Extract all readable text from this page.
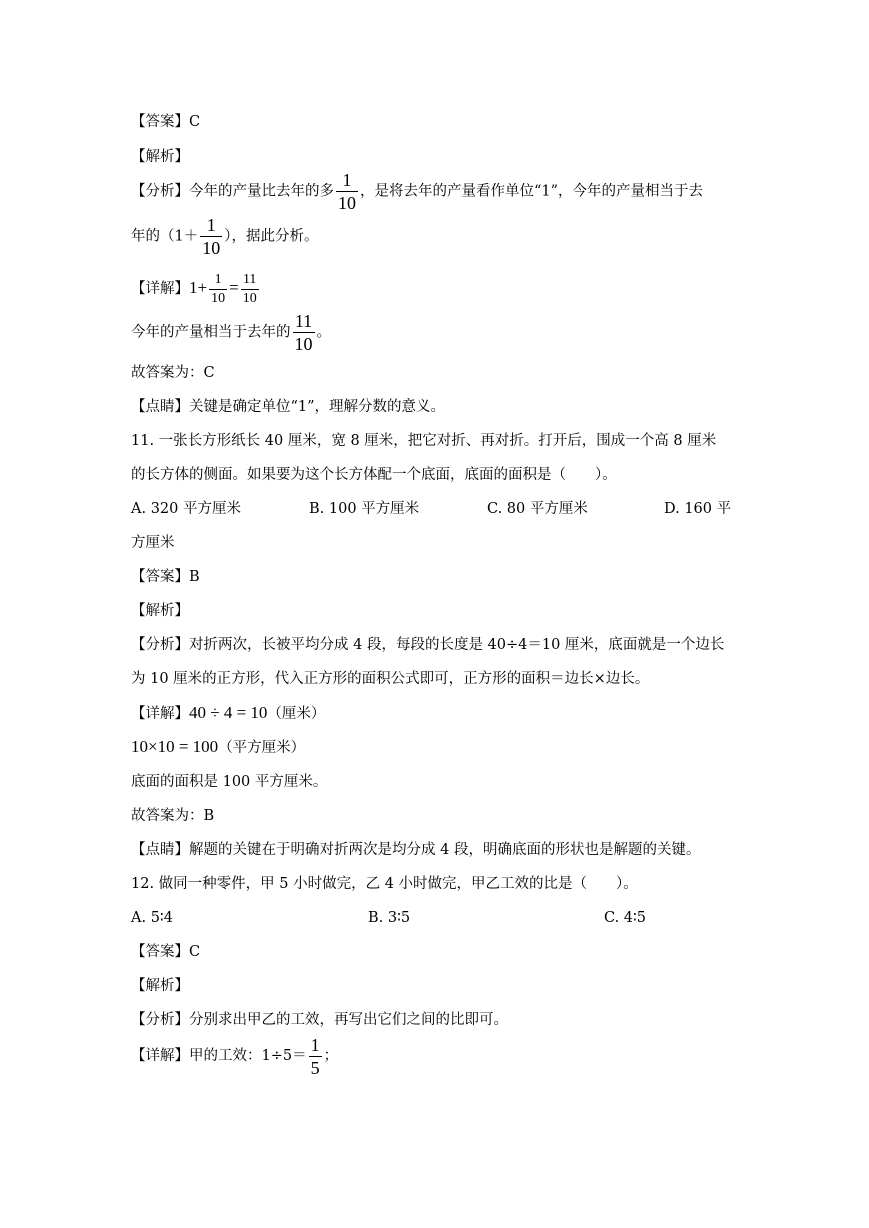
【答案】C
【解析】
【分析】今年的产量比去年的多 $\frac{1}{10}$ ，是将去年的产量看作单位“1”，今年的产量相当于去
年的（$1+ \frac{1}{10}$ ），据此分析。
【详解】$1+ \frac{1}{10} = \frac{11}{10}$
今年的产量相当于去年的 $\frac{11}{10}$ 。
故答案为：C
【点睛】关键是确定单位“1”，理解分数的意义。
11. 一张长方形纸长 40 厘米，宽 8 厘米，把它对折、再对折。打开后，围成一个高 8 厘米
的长方体的侧面。如果要为这个长方体配一个底面，底面的面积是（　　）。
A. 320 平方厘米	B. 100 平方厘米	C. 80 平方厘米	D. 160 平
方厘米
【答案】B
【解析】
【分析】对折两次，长被平均分成 4 段，每段的长度是 40÷4＝10 厘米，底面就是一个边长
为 10 厘米的正方形，代入正方形的面积公式即可，正方形的面积＝边长×边长。
【详解】40 ÷ 4 = 10（厘米）
10×10 = 100（平方厘米）
底面的面积是 100 平方厘米。
故答案为：B
【点睛】解题的关键在于明确对折两次是均分成 4 段，明确底面的形状也是解题的关键。
12. 做同一种零件，甲 5 小时做完，乙 4 小时做完，甲乙工效的比是（　　）。
A. 5∶4	B. 3∶5	C. 4∶5
【答案】C
【解析】
【分析】分别求出甲乙的工效，再写出它们之间的比即可。
【详解】甲的工效：$1\div 5= \frac{1}{5}$ ；
